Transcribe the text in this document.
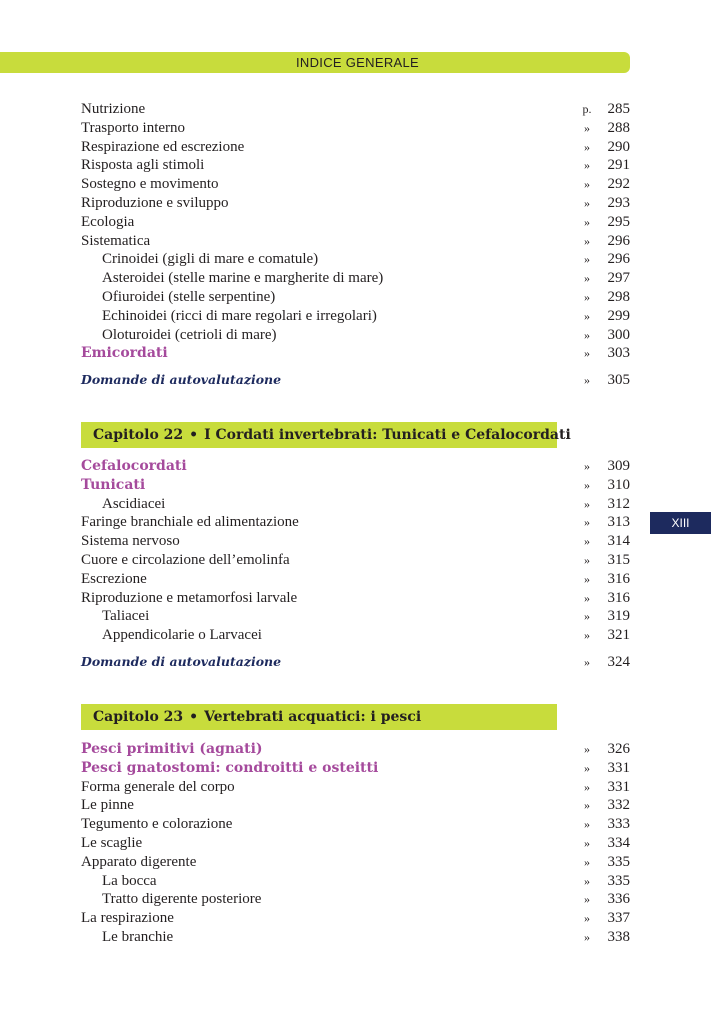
INDICE GENERALE
XIII
Nutrizione	p.	285
Trasporto interno	»	288
Respirazione ed escrezione	»	290
Risposta agli stimoli	»	291
Sostegno e movimento	»	292
Riproduzione e sviluppo	»	293
Ecologia	»	295
Sistematica	»	296
Crinoidei (gigli di mare e comatule)	»	296
Asteroidei (stelle marine e margherite di mare)	»	297
Ofiuroidei (stelle serpentine)	»	298
Echinoidei (ricci di mare regolari e irregolari)	»	299
Oloturoidei (cetrioli di mare)	»	300
Emicordati	»	303
Domande di autovalutazione	»	305
Capitolo 22 • I Cordati invertebrati: Tunicati e Cefalocordati
Cefalocordati	»	309
Tunicati	»	310
Ascidiacei	»	312
Faringe branchiale ed alimentazione	»	313
Sistema nervoso	»	314
Cuore e circolazione dell’emolinfa	»	315
Escrezione	»	316
Riproduzione e metamorfosi larvale	»	316
Taliacei	»	319
Appendicolarie o Larvacei	»	321
Domande di autovalutazione	»	324
Capitolo 23 • Vertebrati acquatici: i pesci
Pesci primitivi (agnati)	»	326
Pesci gnatostomi: condroitti e osteitti	»	331
Forma generale del corpo	»	331
Le pinne	»	332
Tegumento e colorazione	»	333
Le scaglie	»	334
Apparato digerente	»	335
La bocca	»	335
Tratto digerente posteriore	»	336
La respirazione	»	337
Le branchie	»	338
